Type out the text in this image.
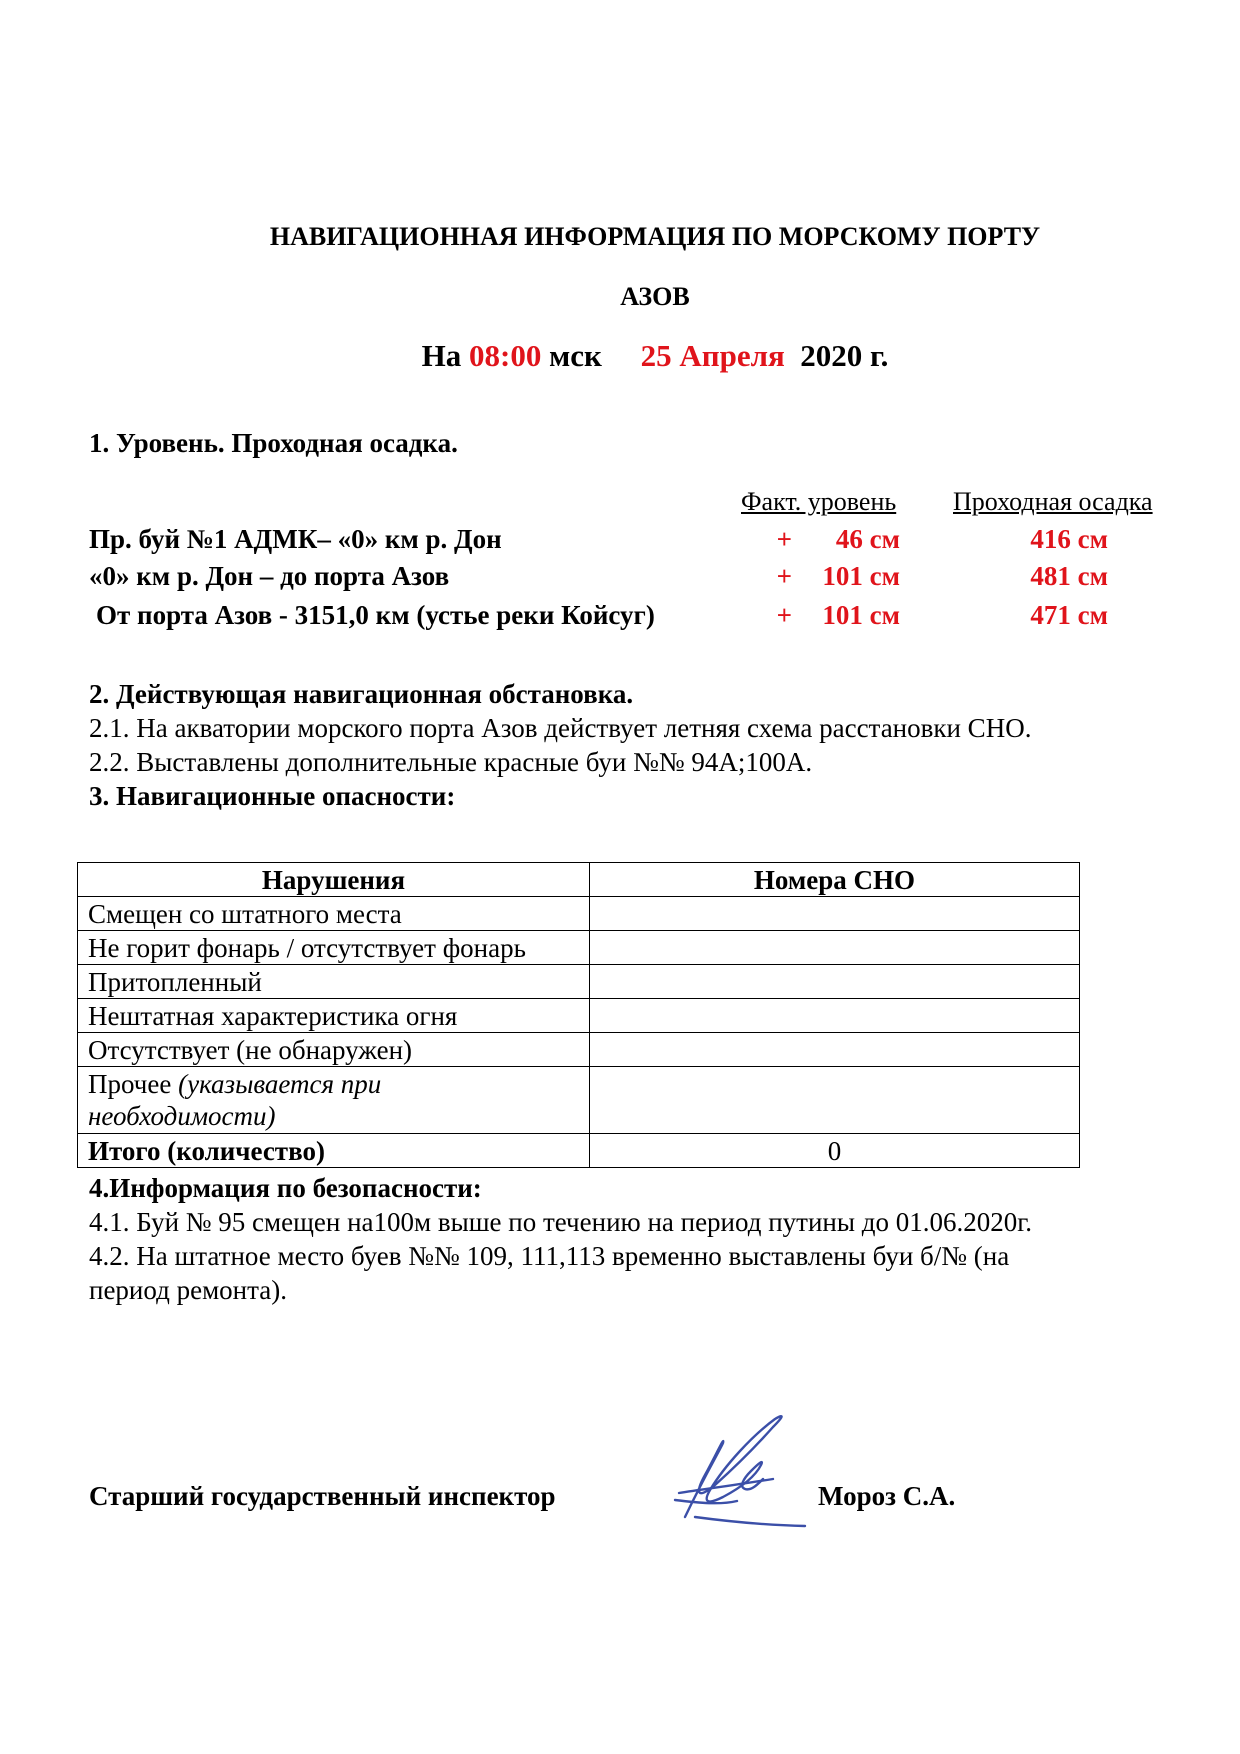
НАВИГАЦИОННАЯ ИНФОРМАЦИЯ ПО МОРСКОМУ ПОРТУ
АЗОВ
На 08:00 мск 25 Апреля 2020 г.
1. Уровень. Проходная осадка.
Факт. уровень Проходная осадка
Пр. буй №1 АДМК– «0» км р. Дон	+	46 см	416 см
«0» км р. Дон – до порта Азов	+	101 см	481 см
От порта Азов - 3151,0 км (устье реки Койсуг)	+	101 см	471 см
2. Действующая навигационная обстановка.
2.1. На акватории морского порта Азов действует летняя схема расстановки СНО.
2.2. Выставлены дополнительные красные буи №№ 94А;100А.
3. Навигационные опасности:
Нарушения	Номера СНО
Смещен со штатного места	
Не горит фонарь / отсутствует фонарь	
Притопленный	
Нештатная характеристика огня	
Отсутствует (не обнаружен)	
Прочее (указывается при
необходимости)	
Итого (количество)	0
4.Информация по безопасности:
4.1. Буй № 95 смещен на100м выше по течению на период путины до 01.06.2020г.
4.2. На штатное место буев №№ 109, 111,113 временно выставлены буи б/№ (на
период ремонта).
Старший государственный инспектор	Мороз С.А.
